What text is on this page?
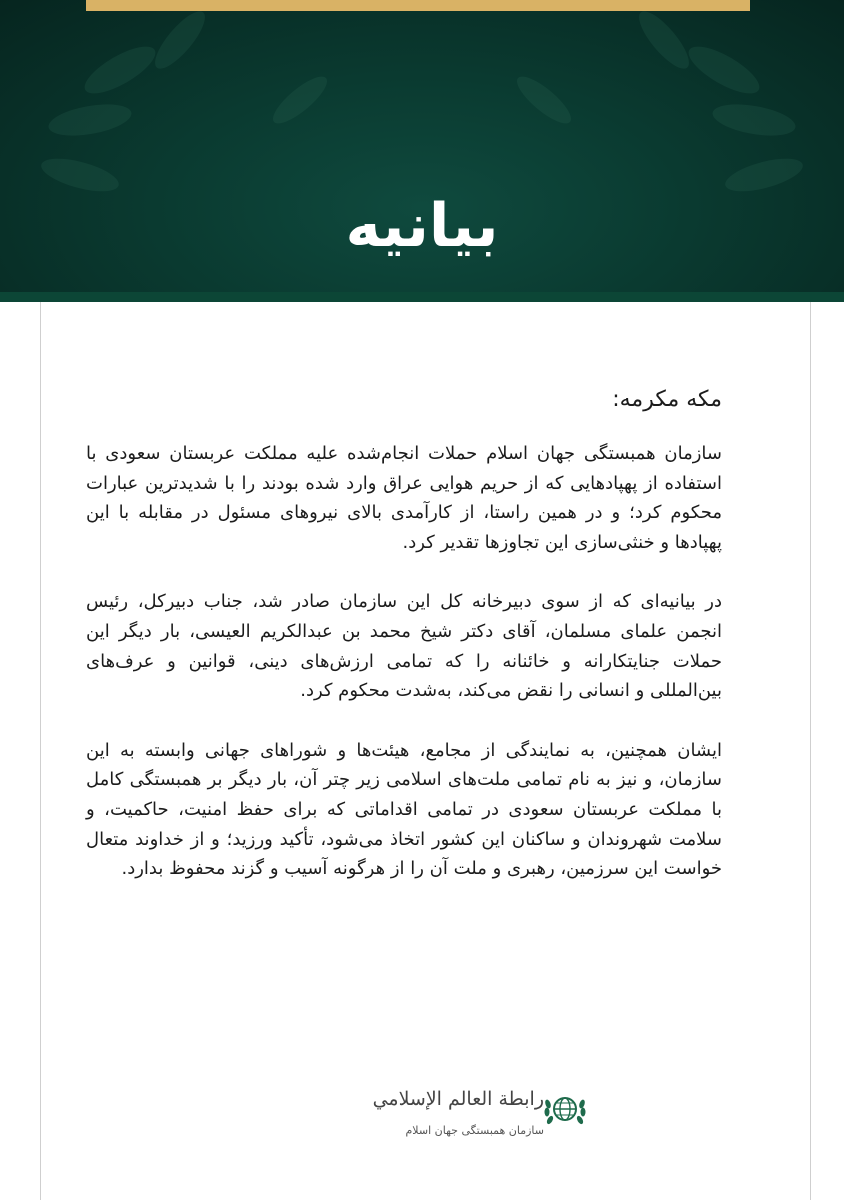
بیانیه
مکه مکرمه:

سازمان همبستگی جهان اسلام حملات انجام‌شده علیه مملکت عربستان سعودی با استفاده از پهپادهایی که از حریم هوایی عراق وارد شده بودند را با شدیدترین عبارات محکوم کرد؛ و در همین راستا، از کارآمدی بالای نیروهای مسئول در مقابله با این پهپادها و خنثی‌سازی این تجاوزها تقدیر کرد.

در بیانیه‌ای که از سوی دبیرخانه کل این سازمان صادر شد، جناب دبیرکل، رئیس انجمن علمای مسلمان، آقای دکتر شیخ محمد بن عبدالکریم العیسی، بار دیگر این حملات جنایتکارانه و خائنانه را که تمامی ارزش‌های دینی، قوانین و عرف‌های بین‌المللی و انسانی را نقض می‌کند، به‌شدت محکوم کرد.

ایشان همچنین، به نمایندگی از مجامع، هیئت‌ها و شوراهای جهانی وابسته به این سازمان، و نیز به نام تمامی ملت‌های اسلامی زیر چتر آن، بار دیگر بر همبستگی کامل با مملکت عربستان سعودی در تمامی اقداماتی که برای حفظ امنیت، حاکمیت، و سلامت شهروندان و ساکنان این کشور اتخاذ می‌شود، تأکید ورزید؛ و از خداوند متعال خواست این سرزمین، رهبری و ملت آن را از هرگونه آسیب و گزند محفوظ بدارد.

رابطة العالم الإسلامي
سازمان همبستگی جهان اسلام
